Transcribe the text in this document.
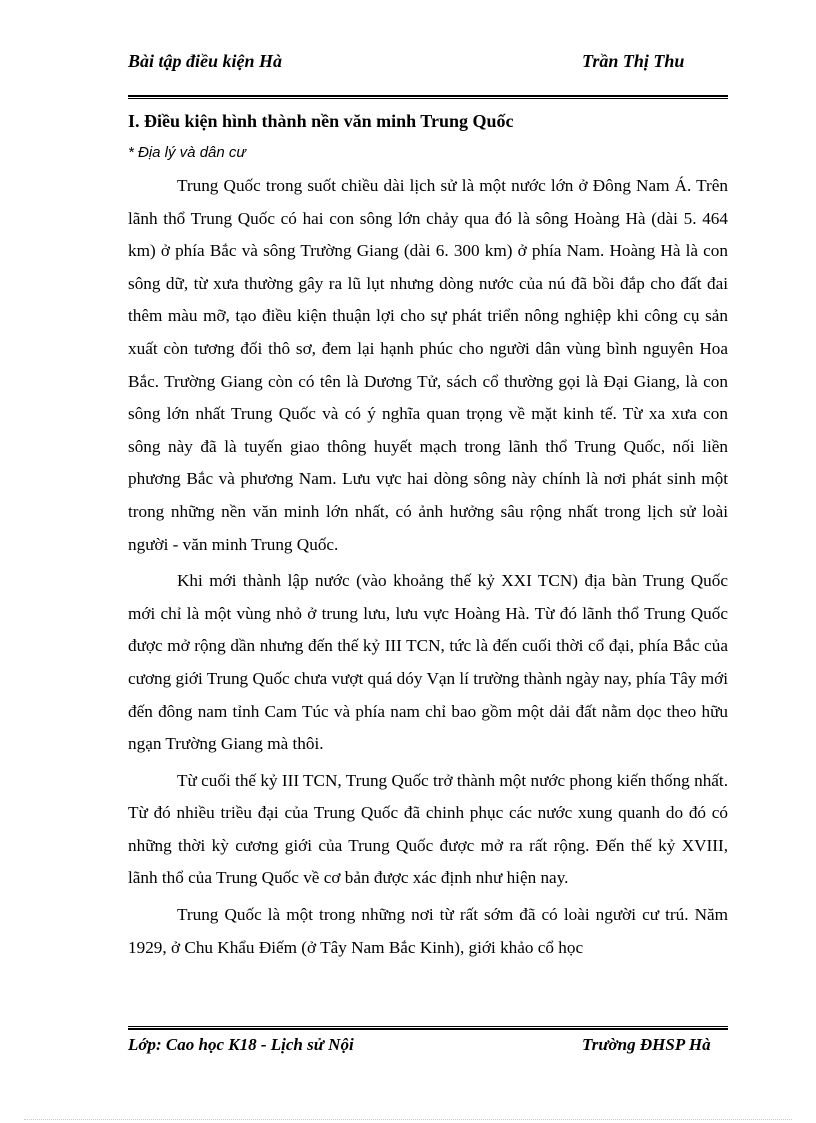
Bài tập điều kiện Hà	Trần Thị Thu

I. Điều kiện hình thành nền văn minh Trung Quốc

* Địa lý và dân cư

Trung Quốc trong suốt chiều dài lịch sử là một nước lớn ở Đông Nam Á. Trên lãnh thổ Trung Quốc có hai con sông lớn chảy qua đó là sông Hoàng Hà (dài 5. 464 km) ở phía Bắc và sông Trường Giang (dài 6. 300 km) ở phía Nam. Hoàng Hà là con sông dữ, từ xưa thường gây ra lũ lụt nhưng dòng nước của nú đã bồi đắp cho đất đai thêm màu mỡ, tạo điều kiện thuận lợi cho sự phát triển nông nghiệp khi công cụ sản xuất còn tương đối thô sơ, đem lại hạnh phúc cho người dân vùng bình nguyên Hoa Bắc. Trường Giang còn có tên là Dương Tử, sách cổ thường gọi là Đại Giang, là con sông lớn nhất Trung Quốc và có ý nghĩa quan trọng về mặt kinh tế. Từ xa xưa con sông này đã là tuyến giao thông huyết mạch trong lãnh thổ Trung Quốc, nối liền phương Bắc và phương Nam. Lưu vực hai dòng sông này chính là nơi phát sinh một trong những nền văn minh lớn nhất, có ảnh hưởng sâu rộng nhất trong lịch sử loài người - văn minh Trung Quốc.

Khi mới thành lập nước (vào khoảng thế kỷ XXI TCN) địa bàn Trung Quốc mới chỉ là một vùng nhỏ ở trung lưu, lưu vực Hoàng Hà. Từ đó lãnh thổ Trung Quốc được mở rộng dần nhưng đến thế kỷ III TCN, tức là đến cuối thời cổ đại, phía Bắc của cương giới Trung Quốc chưa vượt quá dóy Vạn lí trường thành ngày nay, phía Tây mới đến đông nam tỉnh Cam Túc và phía nam chỉ bao gồm một dải đất nằm dọc theo hữu ngạn Trường Giang mà thôi.

Từ cuối thế kỷ III TCN, Trung Quốc trở thành một nước phong kiến thống nhất. Từ đó nhiều triều đại của Trung Quốc đã chinh phục các nước xung quanh do đó có những thời kỳ cương giới của Trung Quốc được mở ra rất rộng. Đến thế kỷ XVIII, lãnh thổ của Trung Quốc về cơ bản được xác định như hiện nay.

Trung Quốc là một trong những nơi từ rất sớm đã có loài người cư trú. Năm 1929, ở Chu Khẩu Điếm (ở Tây Nam Bắc Kinh), giới khảo cổ học

Lớp: Cao học K18 - Lịch sử Nội	Trường ĐHSP Hà
